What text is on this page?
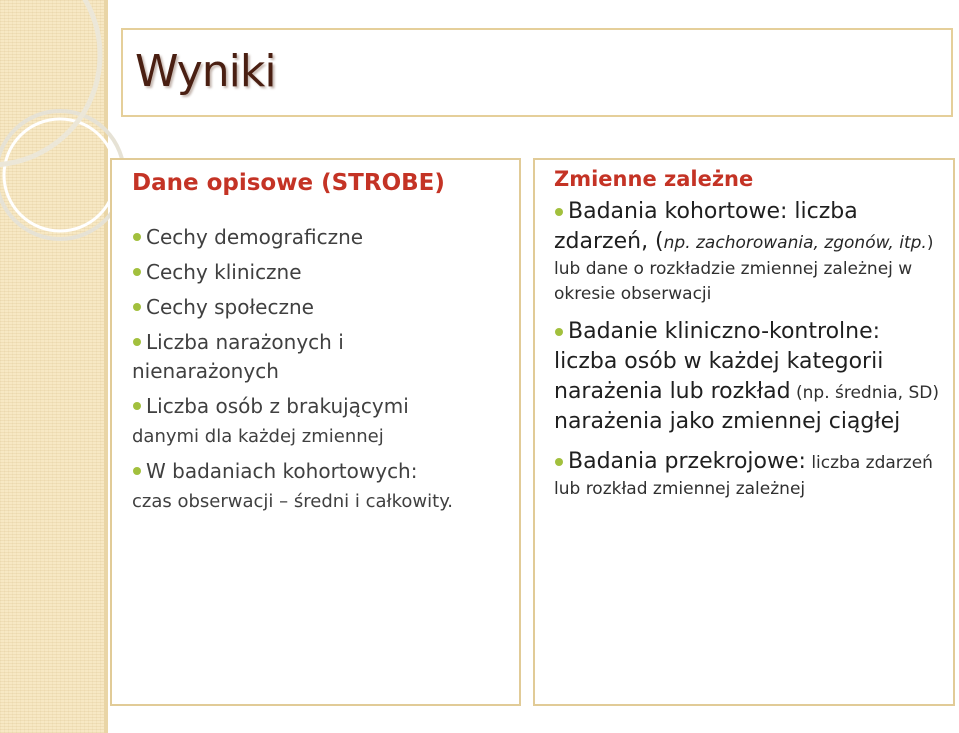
Wyniki

Dane opisowe (STROBE)

Cechy demograficzne
Cechy kliniczne
Cechy społeczne
Liczba narażonych i
nienarażonych
Liczba osób z brakującymi
danymi dla każdej zmiennej
W badaniach kohortowych:
czas obserwacji – średni i całkowity.

Zmienne zależne

Badania kohortowe: liczba zdarzeń, (np. zachorowania, zgonów, itp.) lub dane o rozkładzie zmiennej zależnej w okresie obserwacji
Badanie kliniczno-kontrolne: liczba osób w każdej kategorii narażenia lub rozkład (np. średnia, SD) narażenia jako zmiennej ciągłej
Badania przekrojowe: liczba zdarzeń lub rozkład zmiennej zależnej
